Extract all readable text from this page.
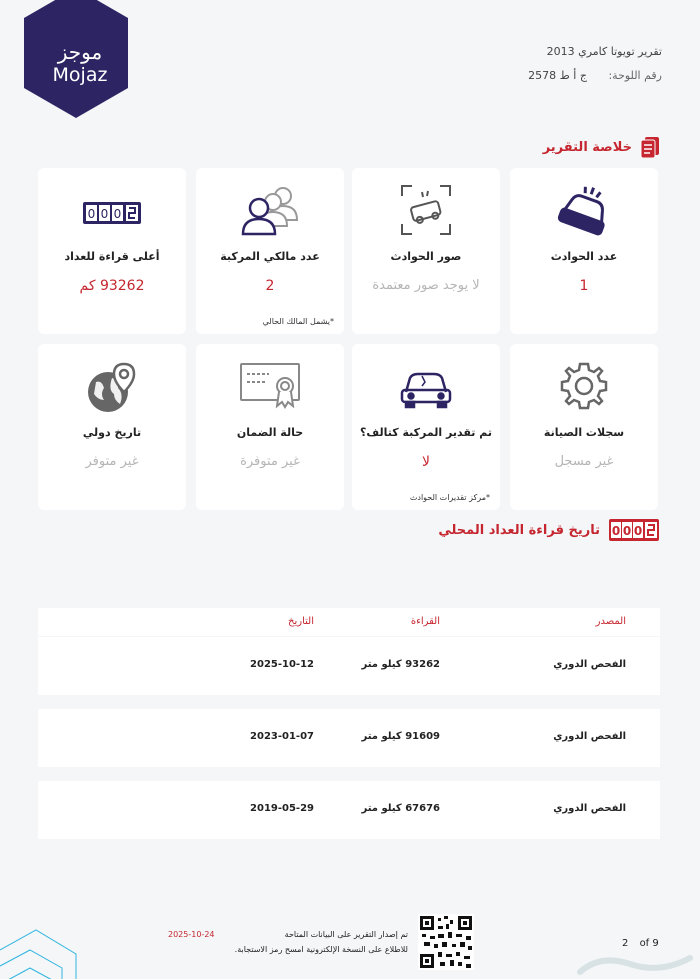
موجز
Mojaz
تقرير تويوتا كامري 2013
رقم اللوحة: ج أ ط 2578
خلاصة التقرير
عدد الحوادث
1
صور الحوادث
لا يوجد صور معتمدة
عدد مالكي المركبة
2
*يشمل المالك الحالي
0 0 0
أعلى قراءة للعداد
93262 كم
سجلات الصيانة
غير مسجل
تم تقدير المركبة كتالف؟
لا
*مركز تقديرات الحوادث
حالة الضمان
غير متوفرة
تاريخ دولي
غير متوفر
0 0 0
تاريخ قراءة العداد المحلي
المصدر
القراءة
التاريخ
الفحص الدوري
93262 كيلو متر
2025-10-12
الفحص الدوري
91609 كيلو متر
2023-01-07
الفحص الدوري
67676 كيلو متر
2019-05-29
تم إصدار التقرير على البيانات المتاحة
2025-10-24
للاطلاع على النسخة الإلكترونية امسح رمز الاستجابة.
2 of 9
